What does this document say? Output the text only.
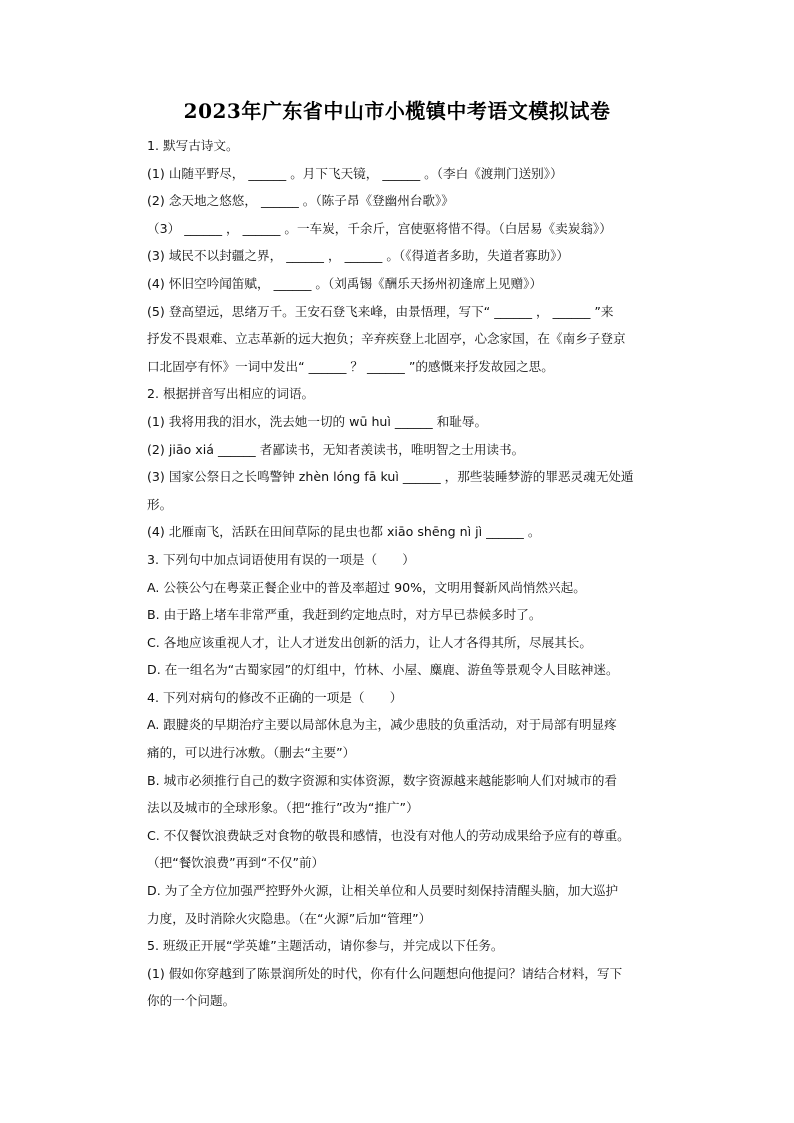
2023年广东省中山市小榄镇中考语文模拟试卷
1. 默写古诗文。
(1) 山随平野尽， ______ 。月下飞天镜， ______ 。（李白《渡荆门送别》）
(2) 念天地之悠悠， ______ 。（陈子昂《登幽州台歌》》
（3） ______ ， ______ 。一车炭，千余斤，宫使驱将惜不得。（白居易《卖炭翁》）
(3) 域民不以封疆之界， ______ ， ______ 。（《得道者多助，失道者寡助》）
(4) 怀旧空吟闻笛赋， ______ 。（刘禹锡《酬乐天扬州初逢席上见赠》）
(5) 登高望远，思绪万千。王安石登飞来峰，由景悟理，写下“ ______ ， ______ ”来
抒发不畏艰难、立志革新的远大抱负；辛弃疾登上北固亭，心念家国，在《南乡子登京
口北固亭有怀》一词中发出“ ______ ？ ______ ”的感慨来抒发故园之思。
2. 根据拼音写出相应的词语。
(1) 我将用我的泪水，洗去她一切的 wū huì ______ 和耻辱。
(2) jiāo xiá ______ 者鄙读书，无知者羡读书，唯明智之士用读书。
(3) 国家公祭日之长鸣警钟 zhèn lóng fā kuì ______ ，那些装睡梦游的罪恶灵魂无处遁
形。
(4) 北雁南飞，活跃在田间草际的昆虫也都 xiāo shēng nì jì ______ 。
3. 下列句中加点词语使用有误的一项是（　　）
A. 公筷公勺在粤菜正餐企业中的普及率超过 90%，文明用餐新风尚悄然兴起。
B. 由于路上堵车非常严重，我赶到约定地点时，对方早已恭候多时了。
C. 各地应该重视人才，让人才迸发出创新的活力，让人才各得其所，尽展其长。
D. 在一组名为“古蜀家园”的灯组中，竹林、小屋、麋鹿、游鱼等景观令人目眩神迷。
4. 下列对病句的修改不正确的一项是（　　）
A. 跟腱炎的早期治疗主要以局部休息为主，减少患肢的负重活动，对于局部有明显疼
痛的，可以进行冰敷。（删去“主要”）
B. 城市必须推行自己的数字资源和实体资源，数字资源越来越能影响人们对城市的看
法以及城市的全球形象。（把“推行”改为“推广”）
C. 不仅餐饮浪费缺乏对食物的敬畏和感情，也没有对他人的劳动成果给予应有的尊重。
（把“餐饮浪费”再到“不仅”前）
D. 为了全方位加强严控野外火源，让相关单位和人员要时刻保持清醒头脑，加大巡护
力度，及时消除火灾隐患。（在“火源”后加“管理”）
5. 班级正开展“学英雄”主题活动，请你参与，并完成以下任务。
(1) 假如你穿越到了陈景润所处的时代，你有什么问题想向他提问？请结合材料，写下
你的一个问题。
